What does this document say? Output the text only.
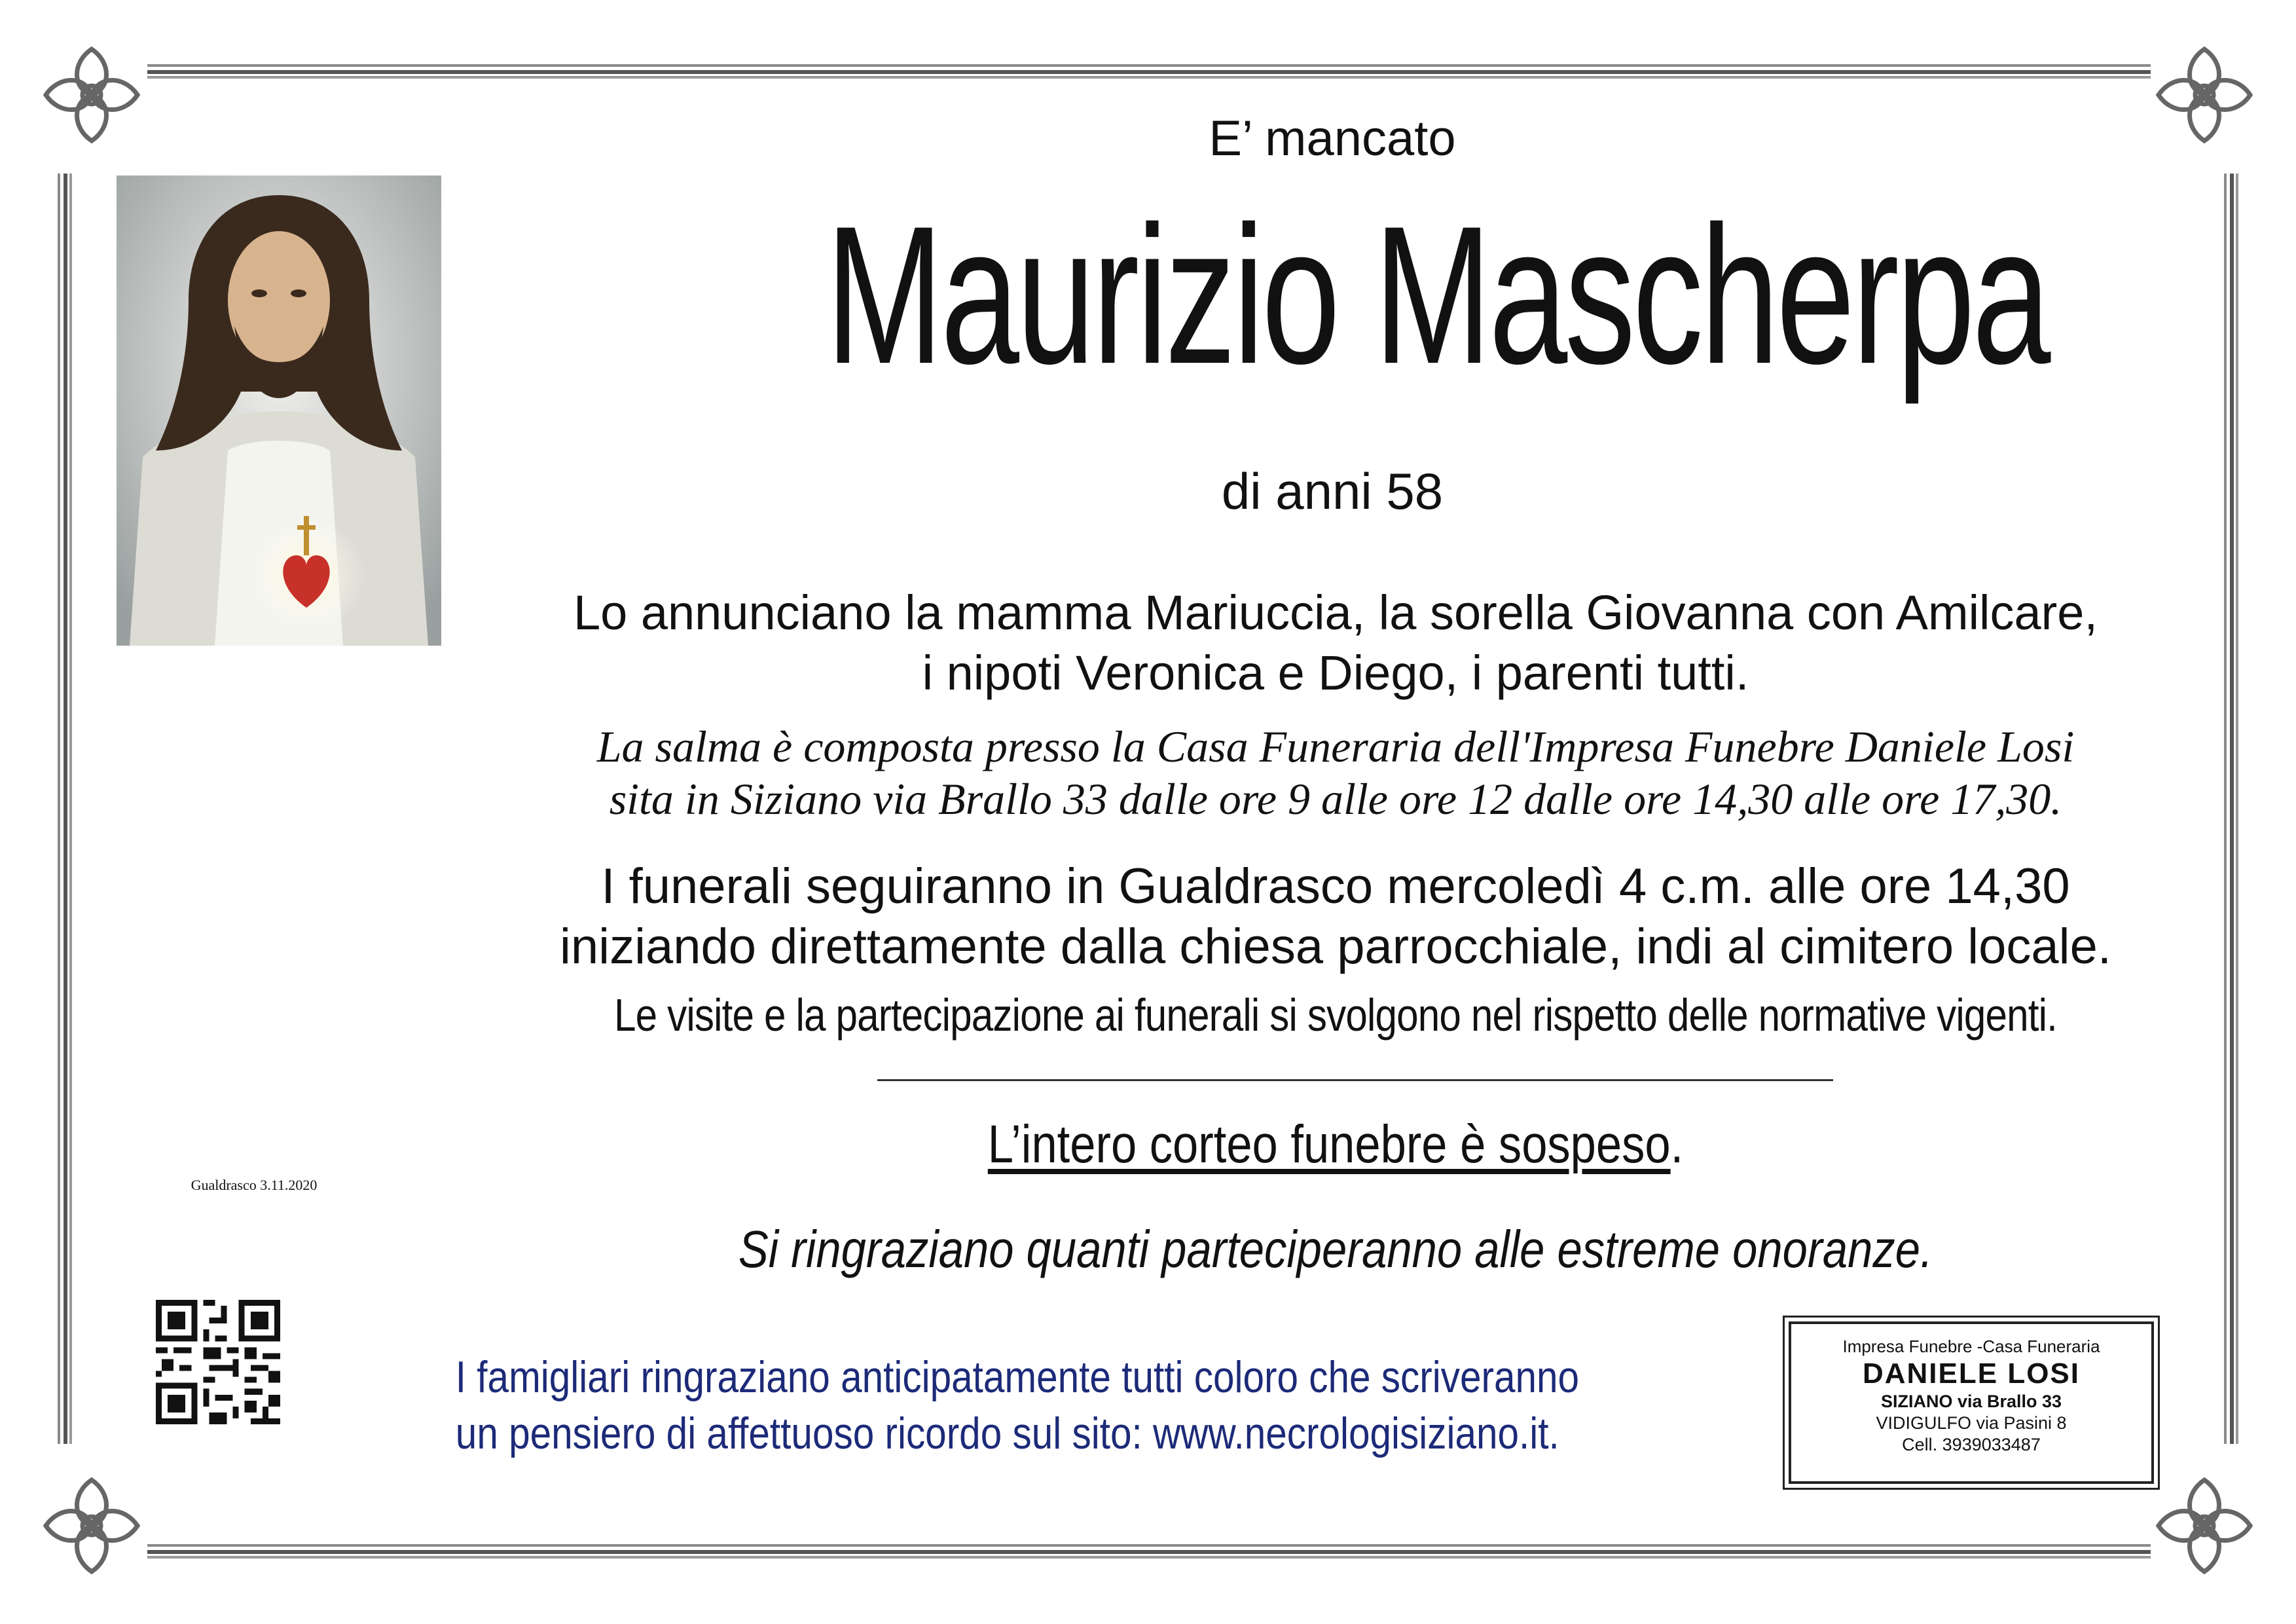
E’ mancato
Maurizio Mascherpa
di anni 58
Lo annunciano la mamma Mariuccia, la sorella Giovanna con Amilcare,
i nipoti Veronica e Diego, i parenti tutti.
La salma è composta presso la Casa Funeraria dell'Impresa Funebre Daniele Losi
sita in Siziano via Brallo 33 dalle ore 9 alle ore 12 dalle ore 14,30 alle ore 17,30.
I funerali seguiranno in Gualdrasco mercoledì 4 c.m. alle ore 14,30
iniziando direttamente dalla chiesa parrocchiale, indi al cimitero locale.
Le visite e la partecipazione ai funerali si svolgono nel rispetto delle normative vigenti.
L’intero corteo funebre è sospeso.
Si ringraziano quanti parteciperanno alle estreme onoranze.
Gualdrasco 3.11.2020
I famigliari ringraziano anticipatamente tutti coloro che scriveranno
un pensiero di affettuoso ricordo sul sito: www.necrologisiziano.it.
Impresa Funebre -Casa Funeraria
DANIELE LOSI
SIZIANO via Brallo 33
VIDIGULFO via Pasini 8
Cell. 3939033487
